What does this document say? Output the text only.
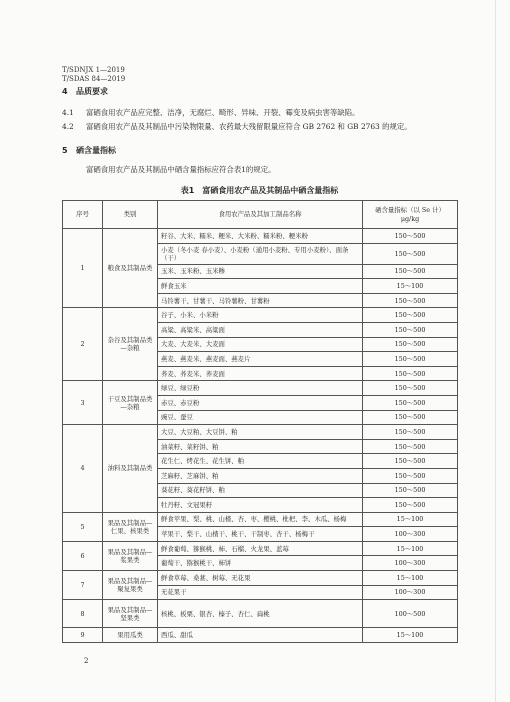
T/SDNJX 1—2019
T/SDAS 84—2019
4 品质要求
4.1 富硒食用农产品应完整、洁净，无腐烂、畸形、异味、开裂、霉变及病虫害等缺陷。
4.2 富硒食用农产品及其制品中污染物限量、农药最大残留限量应符合 GB 2762 和 GB 2763 的规定。
5 硒含量指标
富硒食用农产品及其制品中硒含量指标应符合表1的规定。
表1　富硒食用农产品及其制品中硒含量指标
序号	类别	食用农产品及其加工制品名称	硒含量指标（以 Se 计）
μg/kg

1	粮食及其制品类	籽谷、大米、糯米、粳米、大米粉、糯米粉、粳米粉	150～500
		小麦（冬小麦 春小麦）、小麦粉（通用小麦粉、专用小麦粉）、面条（干）	150～500
		玉米、玉米粉、玉米糁	150～500
		鲜食玉米	15～100
		马铃薯干、甘薯干、马铃薯粉、甘薯粉	150～500
2	杂谷及其制品类—杂粮	谷子、小米、小米粉	150～500
		高粱、高粱米、高粱面	150～500
		大麦、大麦米、大麦面	150～500
		燕麦、燕麦米、燕麦面、燕麦片	150～500
		荞麦、荞麦米、荞麦面	150～500
3	干豆及其制品类—杂粮	绿豆、绿豆粉	150～500
		赤豆、赤豆粉	150～500
		豌豆、蚕豆	150～500
4	油料及其制品类	大豆、大豆粕、大豆饼、粕	150～500
		油菜籽、菜籽饼、粕	150～500
		花生仁、烤花生、花生饼、粕	150～500
		芝麻籽、芝麻饼、粕	150～500
		葵花籽、葵花籽饼、粕	150～500
		牡丹籽、文冠果籽	150～500
5	果品及其制品—仁果、核果类	鲜食苹果、梨、桃、山楂、杏、枣、樱桃、枇杷、李、木瓜、杨梅	15～100
		苹果干、梨干、山楂干、桃干、干制枣、杏干、杨梅干	100～300
6	果品及其制品—浆果类	鲜食葡萄、猕猴桃、柿、石榴、火龙果、蓝莓	15～100
		葡萄干、猕猴桃干、柿饼	100～300
7	果品及其制品—聚复果类	鲜食草莓、桑葚、树莓、无花果	15～100
		无花果干	100～300
8	果品及其制品—坚果类	核桃、板栗、银杏、榛子、杏仁、扁桃	100～500
9	果用瓜类	西瓜、甜瓜	15～100
2
